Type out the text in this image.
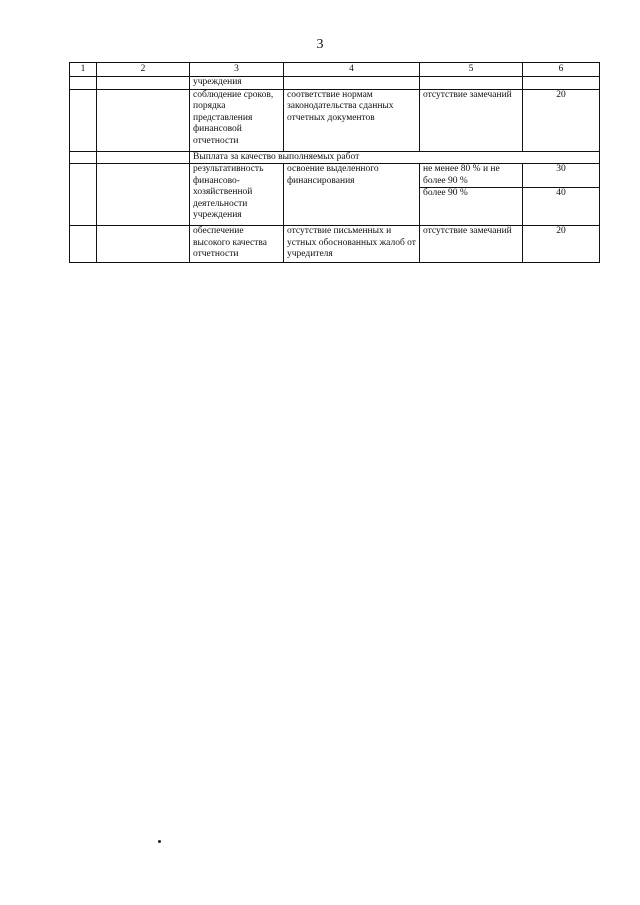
3
1	2	3	4	5	6
		учреждения			
		соблюдение сроков, порядка представления финансовой отчетности	соответствие нормам законодательства сданных отчетных документов	отсутствие замечаний	20
		Выплата за качество выполняемых работ			
		результативность финансово-хозяйственной деятельности учреждения	освоение выделенного финансирования	не менее 80 % и не более 90 %	30
				более 90 %	40
		обеспечение высокого качества отчетности	отсутствие письменных и устных обоснованных жалоб от учредителя	отсутствие замечаний	20
